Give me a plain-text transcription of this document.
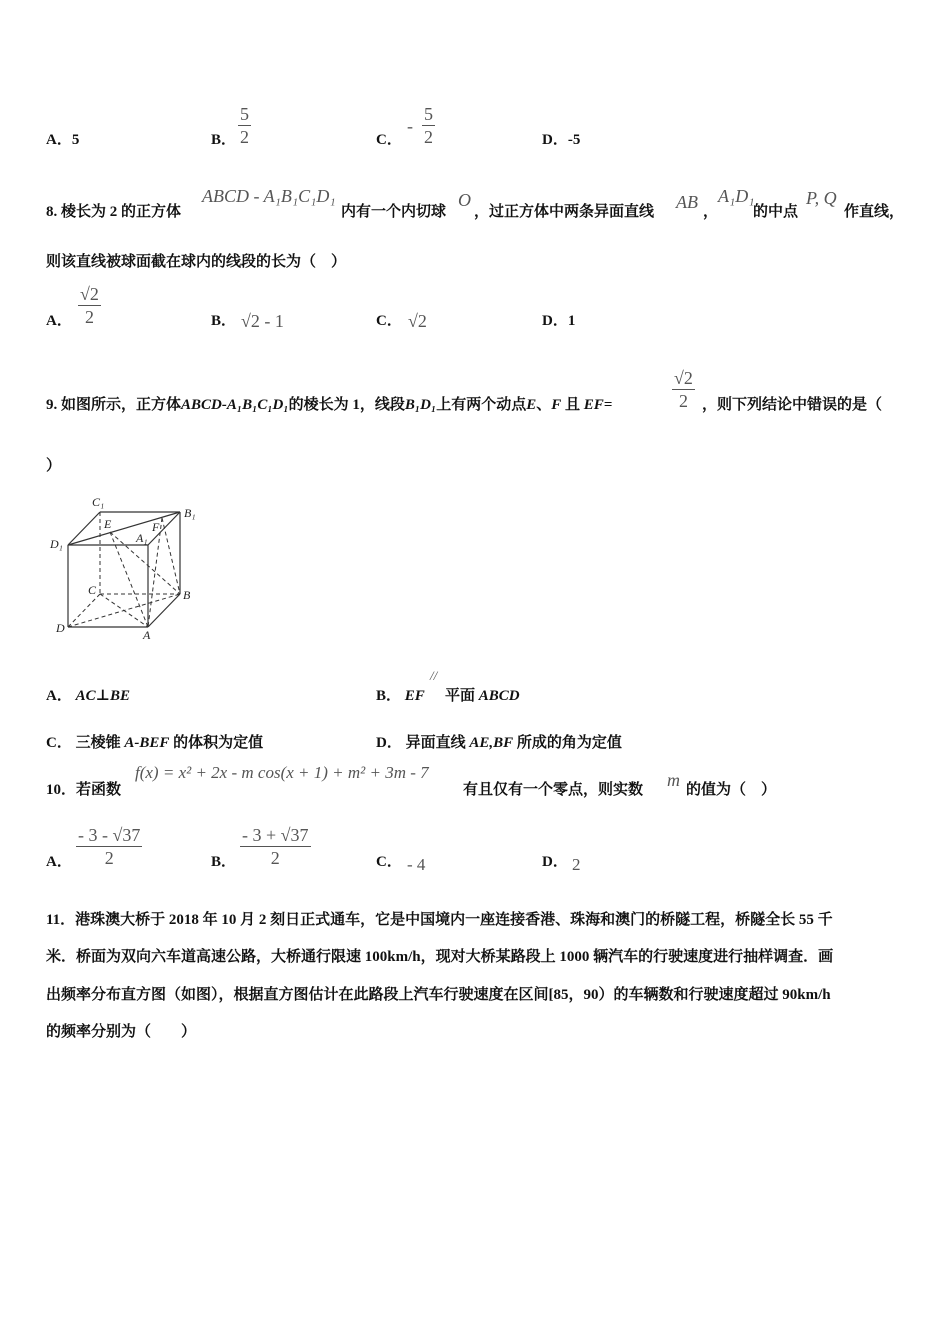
A．5	B． $\frac{5}{2}$	C．
- $\frac{5}{2}$	D．-5
8. 棱长为 2 的正方体
ABCD - A₁B₁C₁D₁
内有一个内切球
O
，过正方体中两条异面直线 AB ，
A₁D₁
的中点
P, Q
作直线，
则该直线被球面截在球内的线段的长为（　）
A． $\frac{√2}{2}$	B． √2 - 1	C． √2	D．1
9. 如图所示，正方体ABCD-A₁B₁C₁D₁的棱长为 1，线段B₁D₁上有两个动点E、F 且 EF=	$\frac{√2}{2}$ ，则下列结论中错误的是（
）
C₁
B₁
E	F
A₁
D₁
C	B
D	A
A． AC⊥BE	B． EF
//
平面 ABCD
C． 三棱锥 A-BEF 的体积为定值	D． 异面直线 AE,BF 所成的角为定值
10．若函数
f(x) = x² + 2x - m cos(x + 1) + m² + 3m - 7
有且仅有一个零点，则实数 m 的值为（　）
A． $\frac{- 3 - √37}{2}$	B． $\frac{- 3 + √37}{2}$	C． - 4	D． 2
11．港珠澳大桥于 2018 年 10 月 2 刻日正式通车，它是中国境内一座连接香港、珠海和澳门的桥隧工程，桥隧全长 55 千
米．桥面为双向六车道高速公路，大桥通行限速 100km/h，现对大桥某路段上 1000 辆汽车的行驶速度进行抽样调查．画
出频率分布直方图（如图），根据直方图估计在此路段上汽车行驶速度在区间[85，90）的车辆数和行驶速度超过 90km/h
的频率分别为（　　）
